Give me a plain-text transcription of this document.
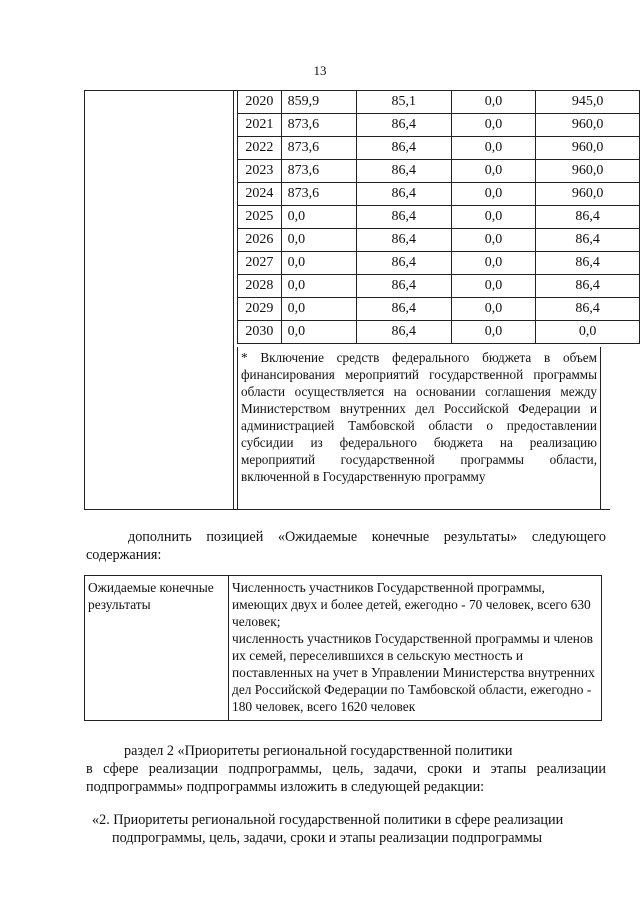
13
2020	859,9	85,1	0,0	945,0
2021	873,6	86,4	0,0	960,0
2022	873,6	86,4	0,0	960,0
2023	873,6	86,4	0,0	960,0
2024	873,6	86,4	0,0	960,0
2025	0,0	86,4	0,0	86,4
2026	0,0	86,4	0,0	86,4
2027	0,0	86,4	0,0	86,4
2028	0,0	86,4	0,0	86,4
2029	0,0	86,4	0,0	86,4
2030	0,0	86,4	0,0	0,0
* Включение средств федерального бюджета в объем финансирования мероприятий государственной программы области осуществляется на основании соглашения между Министерством внутренних дел Российской Федерации и администрацией Тамбовской области о предоставлении субсидии из федерального бюджета на реализацию мероприятий государственной программы области, включенной в Государственную программу
дополнить позицией «Ожидаемые конечные результаты» следующего содержания:
Ожидаемые конечные результаты	Численность участников Государственной программы, имеющих двух и более детей, ежегодно - 70 человек, всего 630 человек;
численность участников Государственной программы и членов их семей, переселившихся в сельскую местность и поставленных на учет в Управлении Министерства внутренних дел Российской Федерации по Тамбовской области, ежегодно - 180 человек, всего 1620 человек
раздел 2 «Приоритеты региональной государственной политики
в сфере реализации подпрограммы, цель, задачи, сроки и этапы реализации подпрограммы» подпрограммы изложить в следующей редакции:
«2. Приоритеты региональной государственной политики в сфере реализации
подпрограммы, цель, задачи, сроки и этапы реализации подпрограммы
